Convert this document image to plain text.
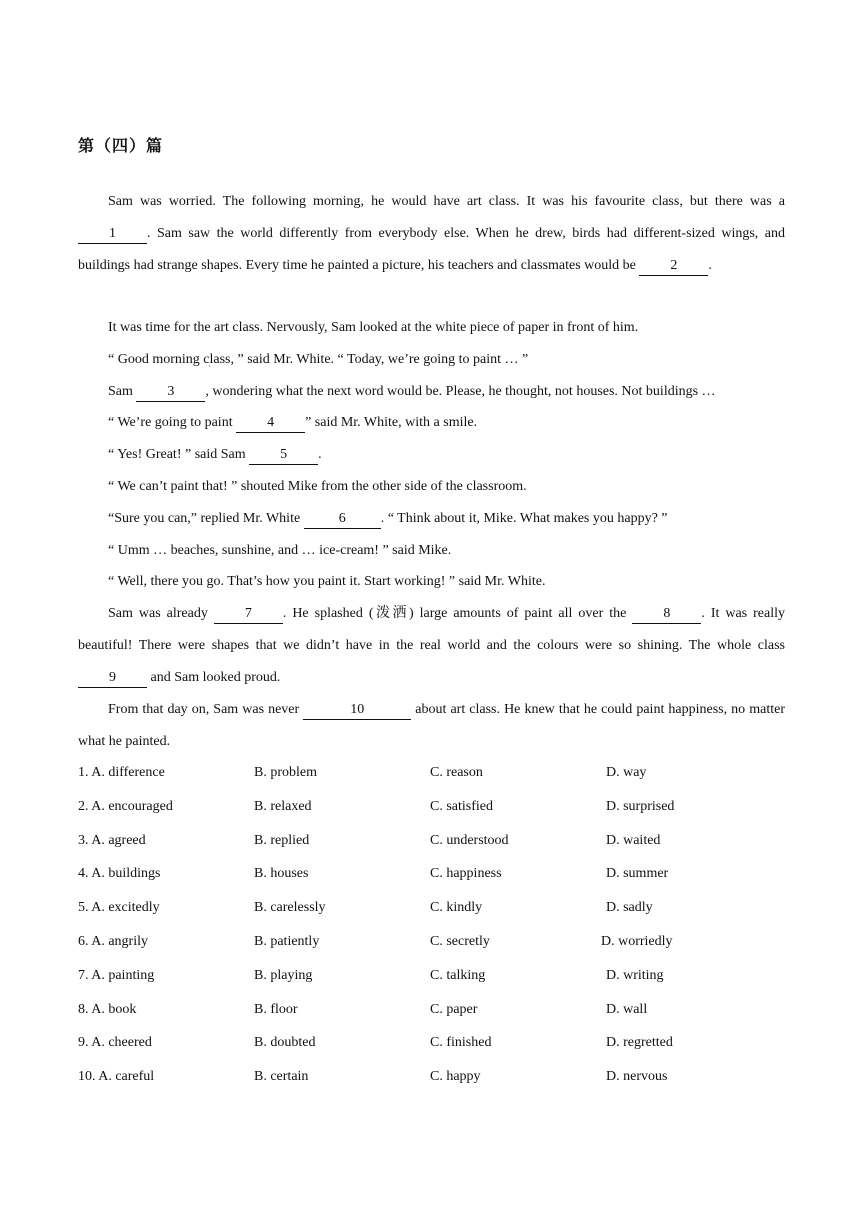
第（四）篇
Sam was worried. The following morning, he would have art class. It was his favourite class, but there was a 1 . Sam saw the world differently from everybody else. When he drew, birds had different-sized wings, and buildings had strange shapes. Every time he painted a picture, his teachers and classmates would be 2 .
It was time for the art class. Nervously, Sam looked at the white piece of paper in front of him.
“ Good morning class, ” said Mr. White. “ Today, we’re going to paint … ”
Sam 3 , wondering what the next word would be. Please, he thought, not houses. Not buildings …
“ We’re going to paint 4 ” said Mr. White, with a smile.
“ Yes! Great! ” said Sam 5 .
“ We can’t paint that! ” shouted Mike from the other side of the classroom.
“Sure you can,” replied Mr. White	6	. “ Think about it, Mike. What makes you happy? ”
“ Umm … beaches, sunshine, and … ice-cream! ” said Mike.
“ Well, there you go. That’s how you paint it. Start working! ” said Mr. White.
Sam was already 7 . He splashed (泼洒) large amounts of paint all over the 8 . It was really beautiful! There were shapes that we didn’t have in the real world and the colours were so shining. The whole class 9 and Sam looked proud.
From that day on, Sam was never	10	about art class. He knew that he could paint happiness, no matter what he painted.
`
`
1. A. difference	B. problem	C. reason	D. way
2. A. encouraged	B. relaxed	C. satisfied	D. surprised
3. A. agreed	B. replied	C. understood	D. waited
4. A. buildings	B. houses	C. happiness	D. summer
5. A. excitedly	B. carelessly	C. kindly	D. sadly
6. A. angrily	B. patiently	C. secretly	D. worriedly
7. A. painting	B. playing	C. talking	D. writing
8. A. book	B. floor	C. paper	D. wall
9. A. cheered	B. doubted	C. finished	D. regretted
10. A. careful	B. certain	C. happy	D. nervous
